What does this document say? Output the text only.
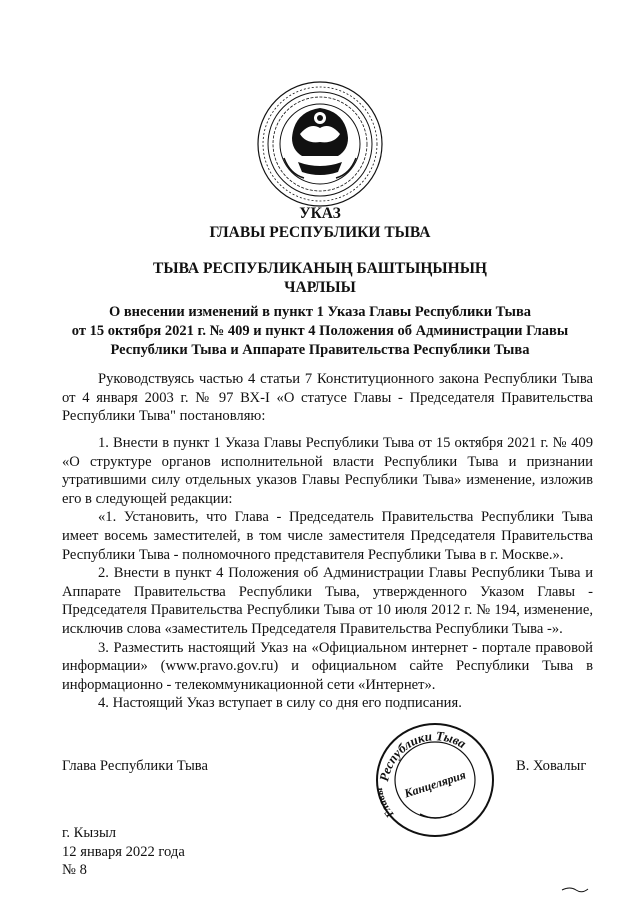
УКАЗ
ГЛАВЫ РЕСПУБЛИКИ ТЫВА
ТЫВА РЕСПУБЛИКАНЫҢ БАШТЫҢЫНЫҢ
ЧАРЛЫЫ
О внесении изменений в пункт 1 Указа Главы Республики Тыва
от 15 октября 2021 г. № 409 и пункт 4 Положения об Администрации Главы
Республики Тыва и Аппарате Правительства Республики Тыва

Руководствуясь частью 4 статьи 7 Конституционного закона Республики Тыва от 4 января 2003 г. № 97 ВХ-I «О статусе Главы - Председателя Правительства Республики Тыва" постановляю:

1. Внести в пункт 1 Указа Главы Республики Тыва от 15 октября 2021 г. № 409 «О структуре органов исполнительной власти Республики Тыва и признании утратившими силу отдельных указов Главы Республики Тыва» изменение, изложив его в следующей редакции:

«1. Установить, что Глава - Председатель Правительства Республики Тыва имеет восемь заместителей, в том числе заместителя Председателя Правительства Республики Тыва - полномочного представителя Республики Тыва в г. Москве.».

2. Внести в пункт 4 Положения об Администрации Главы Республики Тыва и Аппарате Правительства Республики Тыва, утвержденного Указом Главы - Председателя Правительства Республики Тыва от 10 июля 2012 г. № 194, изменение, исключив слова «заместитель Председателя Правительства Республики Тыва -».

3. Разместить настоящий Указ на «Официальном интернет - портале правовой информации» (www.pravo.gov.ru) и официальном сайте Республики Тыва в информационно - телекоммуникационной сети «Интернет».

4. Настоящий Указ вступает в силу со дня его подписания.

Глава Республики Тыва	В. Ховалыг
Республики Тыва
Главы	Канцелярия
г. Кызыл
12 января 2022 года
№ 8
